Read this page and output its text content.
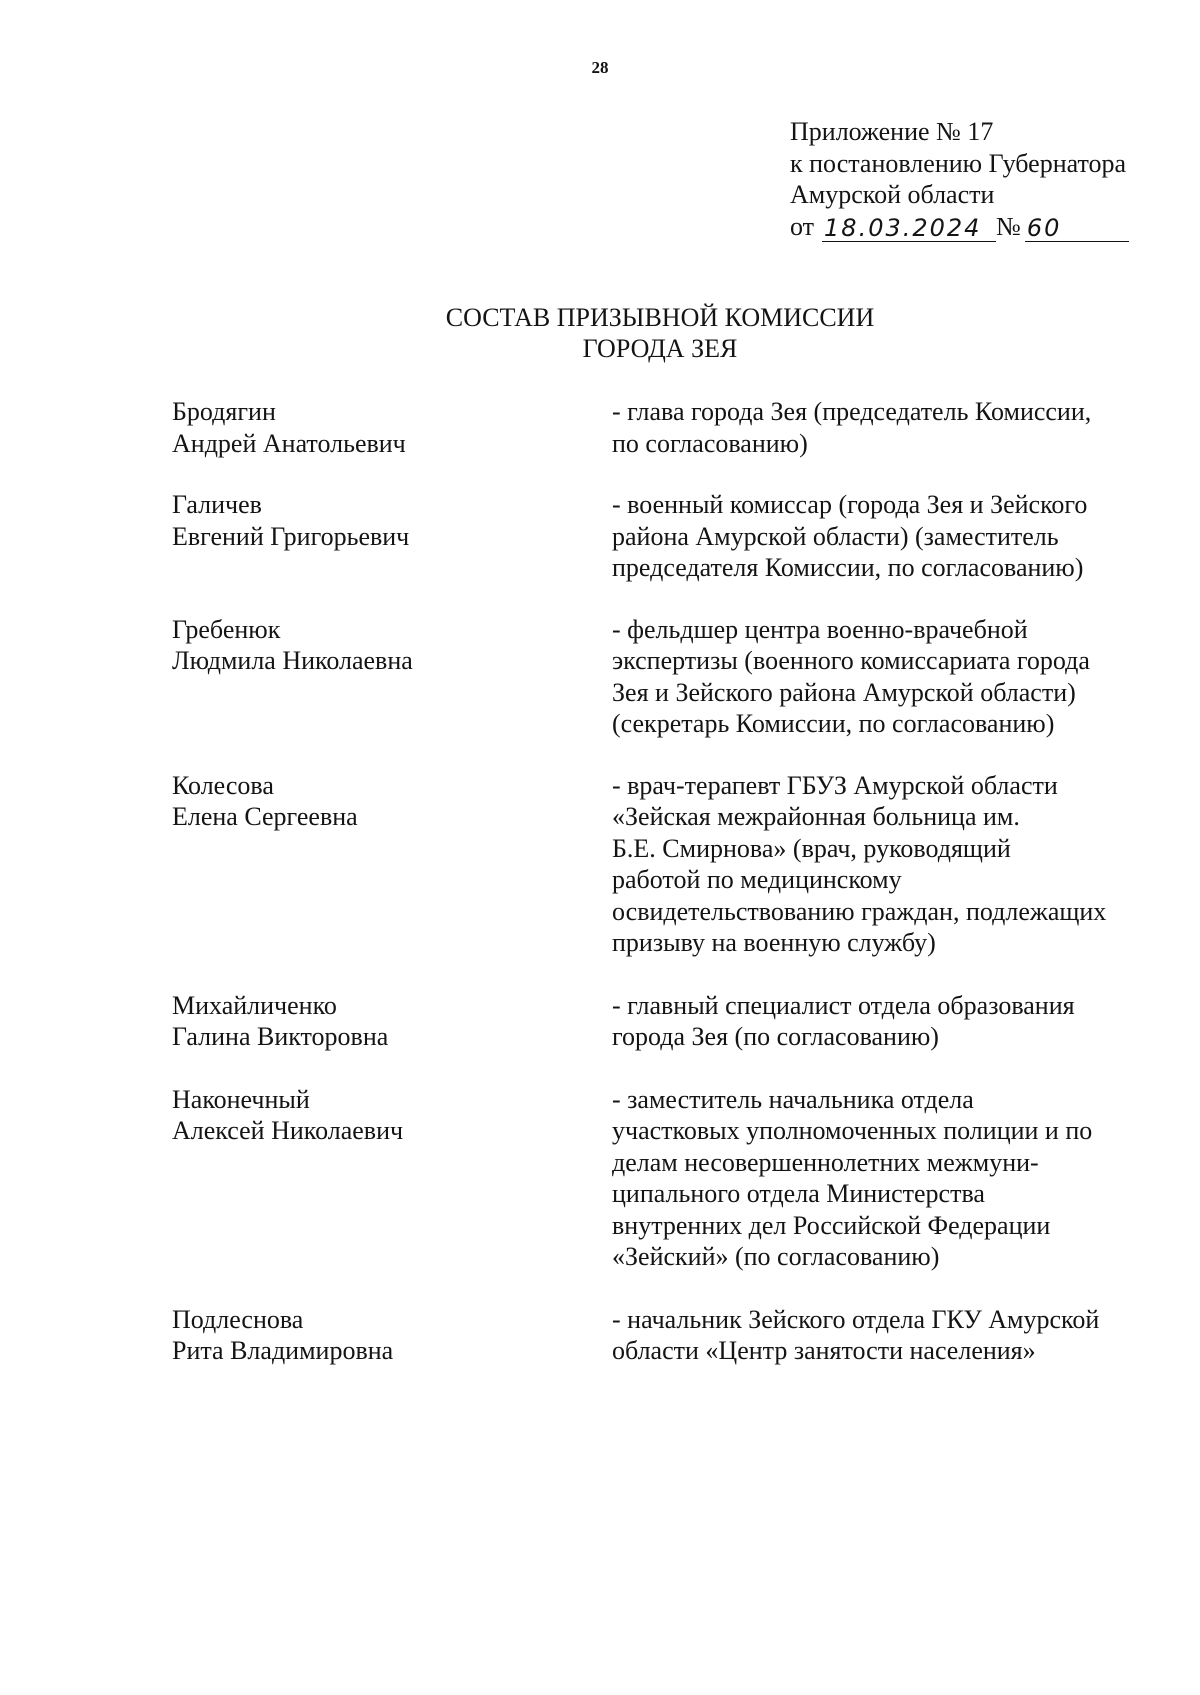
28
Приложение № 17
к постановлению Губернатора
Амурской области
от 18.03.2024 № 60
СОСТАВ ПРИЗЫВНОЙ КОМИССИИ
ГОРОДА ЗЕЯ
Бродягин
Андрей Анатольевич
- глава города Зея (председатель Комиссии,
по согласованию)
Галичев
Евгений Григорьевич
- военный комиссар (города Зея и Зейского
района Амурской области) (заместитель
председателя Комиссии, по согласованию)
Гребенюк
Людмила Николаевна
- фельдшер центра военно-врачебной
экспертизы (военного комиссариата города
Зея и Зейского района Амурской области)
(секретарь Комиссии, по согласованию)
Колесова
Елена Сергеевна
- врач-терапевт ГБУЗ Амурской области
«Зейская межрайонная больница им.
Б.Е. Смирнова» (врач, руководящий
работой по медицинскому
освидетельствованию граждан, подлежащих
призыву на военную службу)
Михайличенко
Галина Викторовна
- главный специалист отдела образования
города Зея (по согласованию)
Наконечный
Алексей Николаевич
- заместитель начальника отдела
участковых уполномоченных полиции и по
делам несовершеннолетних межмуни-
ципального отдела Министерства
внутренних дел Российской Федерации
«Зейский» (по согласованию)
Подлеснова
Рита Владимировна
- начальник Зейского отдела ГКУ Амурской
области «Центр занятости населения»
